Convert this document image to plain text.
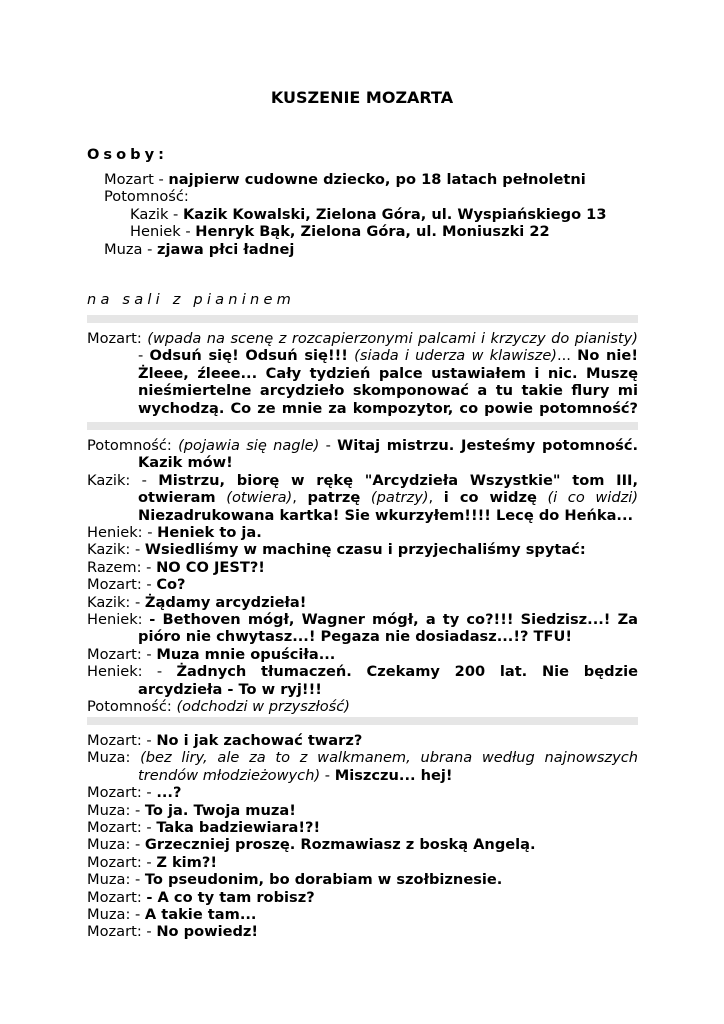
KUSZENIE MOZARTA

Osoby:

Mozart - najpierw cudowne dziecko, po 18 latach pełnoletni
Potomność:
Kazik - Kazik Kowalski, Zielona Góra, ul. Wyspiańskiego 13
Heniek - Henryk Bąk, Zielona Góra, ul. Moniuszki 22
Muza - zjawa płci ładnej

na sali z pianinem

Mozart: (wpada na scenę z rozcapierzonymi palcami i krzyczy do pianisty) - Odsuń się! Odsuń się!!! (siada i uderza w klawisze)... No nie! Żleee, źleee... Cały tydzień palce ustawiałem i nic. Muszę nieśmiertelne arcydzieło skomponować a tu takie flury mi wychodzą. Co ze mnie za kompozytor, co powie potomność?

Potomność: (pojawia się nagle) - Witaj mistrzu. Jesteśmy potomność. Kazik mów!

Kazik: - Mistrzu, biorę w rękę "Arcydzieła Wszystkie" tom III, otwieram (otwiera), patrzę (patrzy), i co widzę (i co widzi) Niezadrukowana kartka! Sie wkurzyłem!!!! Lecę do Heńka...

Heniek: - Heniek to ja.

Kazik: - Wsiedliśmy w machinę czasu i przyjechaliśmy spytać:

Razem: - NO CO JEST?!

Mozart: - Co?

Kazik: - Żądamy arcydzieła!

Heniek: - Bethoven mógł, Wagner mógł, a ty co?!!! Siedzisz...! Za pióro nie chwytasz...! Pegaza nie dosiadasz...!? TFU!

Mozart: - Muza mnie opuściła...

Heniek: - Żadnych tłumaczeń. Czekamy 200 lat. Nie będzie arcydzieła - To w ryj!!!

Potomność: (odchodzi w przyszłość)

Mozart: - No i jak zachować twarz?

Muza: (bez liry, ale za to z walkmanem, ubrana według najnowszych trendów młodzieżowych) - Miszczu... hej!

Mozart: - ...?

Muza: - To ja. Twoja muza!

Mozart: - Taka badziewiara!?!

Muza: - Grzeczniej proszę. Rozmawiasz z boską Angelą.

Mozart: - Z kim?!

Muza: - To pseudonim, bo dorabiam w szołbiznesie.

Mozart: - A co ty tam robisz?

Muza: - A takie tam...

Mozart: - No powiedz!
